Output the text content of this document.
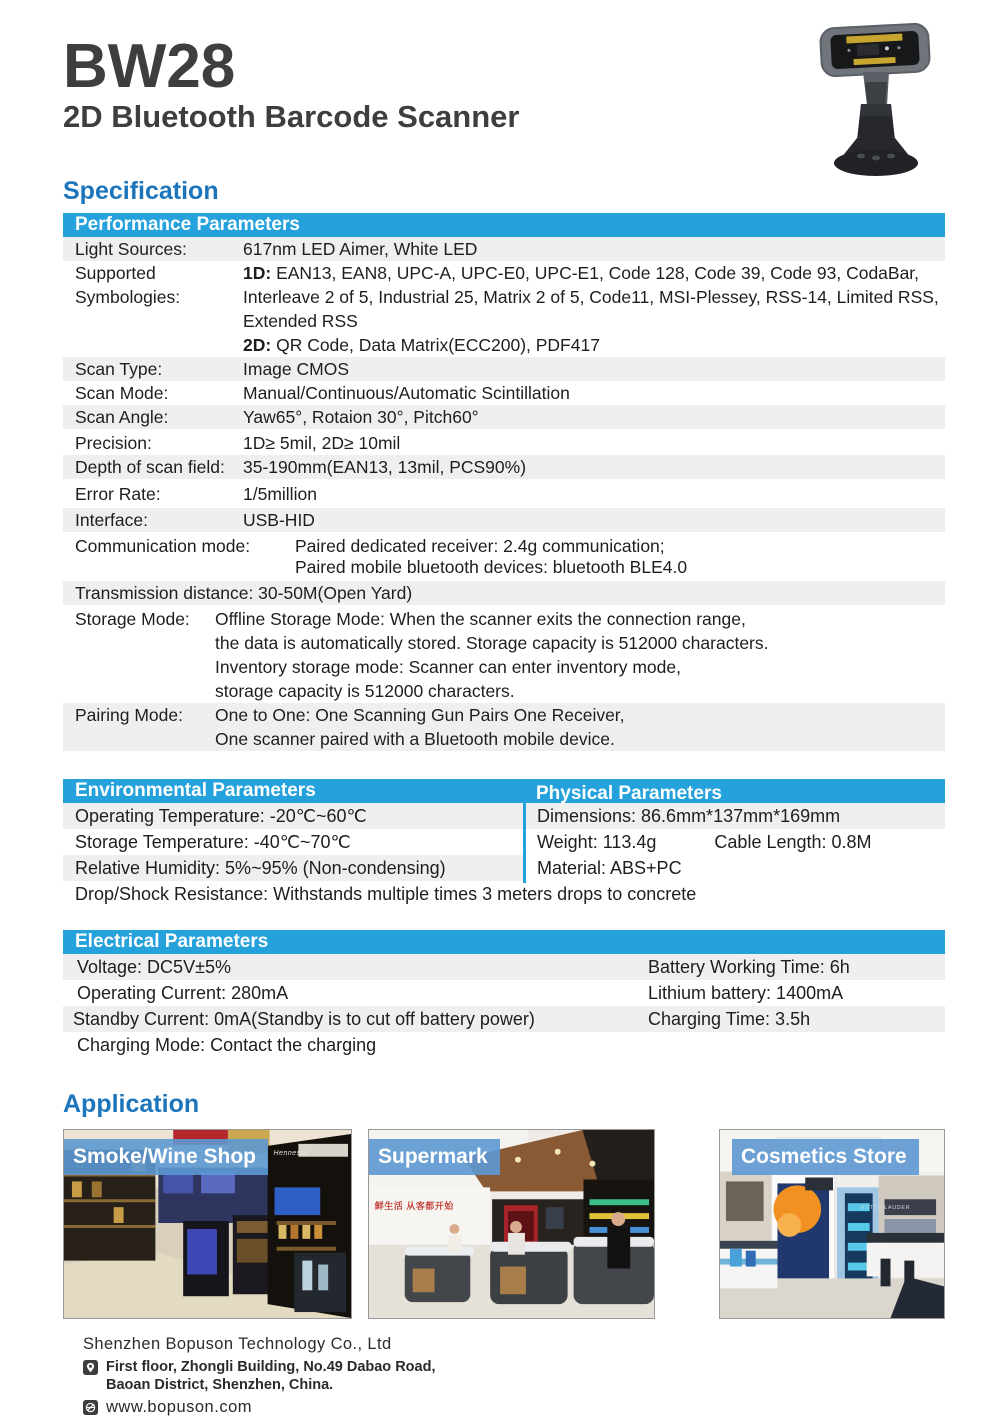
BW28
2D Bluetooth Barcode Scanner
Specification
Performance Parameters
Light Sources:	617nm LED Aimer, White LED
Supported Symbologies:
1D: EAN13, EAN8, UPC-A, UPC-E0, UPC-E1, Code 128, Code 39, Code 93, CodaBar, Interleave 2 of 5, Industrial 25, Matrix 2 of 5, Code11, MSI-Plessey, RSS-14, Limited RSS, Extended RSS
2D: QR Code, Data Matrix(ECC200), PDF417
Scan Type:	Image CMOS
Scan Mode:	Manual/Continuous/Automatic Scintillation
Scan Angle:	Yaw65°, Rotaion 30°, Pitch60°
Precision:	1D≥ 5mil, 2D≥ 10mil
Depth of scan field:	35-190mm(EAN13, 13mil, PCS90%)
Error Rate:	1/5million
Interface:	USB-HID
Communication mode:	Paired dedicated receiver: 2.4g communication;
Paired mobile bluetooth devices: bluetooth BLE4.0
Transmission distance: 30-50M(Open Yard)
Storage Mode:	Offline Storage Mode: When the scanner exits the connection range,
the data is automatically stored. Storage capacity is 512000 characters.
Inventory storage mode: Scanner can enter inventory mode,
storage capacity is 512000 characters.
Pairing Mode:	One to One: One Scanning Gun Pairs One Receiver,
One scanner paired with a Bluetooth mobile device.
Environmental Parameters	Physical Parameters
Operating Temperature: -20℃~60℃	Dimensions: 86.6mm*137mm*169mm
Storage Temperature: -40℃~70℃	Weight: 113.4g	Cable Length: 0.8M
Relative Humidity: 5%~95% (Non-condensing)	Material: ABS+PC
Drop/Shock Resistance: Withstands multiple times 3 meters drops to concrete
Electrical Parameters
Voltage: DC5V±5%	Battery Working Time: 6h
Operating Current: 280mA	Lithium battery: 1400mA
Standby Current: 0mA(Standby is to cut off battery power)	Charging Time: 3.5h
Charging Mode: Contact the charging
Application
Hennessy
Smoke/Wine Shop
鲜生活 从客都开始
Supermark
ESTEE LAUDER
Cosmetics Store
Shenzhen Bopuson Technology Co., Ltd
First floor, Zhongli Building, No.49 Dabao Road,
Baoan District, Shenzhen, China.
www.bopuson.com
